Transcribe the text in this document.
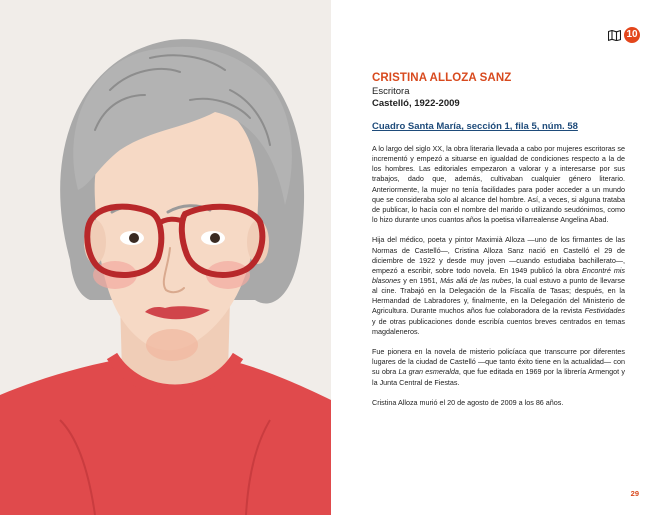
10
CRISTINA ALLOZA SANZ
Escritora
Castelló, 1922-2009
Cuadro Santa María, sección 1, fila 5, núm. 58

A lo largo del siglo XX, la obra literaria llevada a cabo por mujeres escritoras se incrementó y empezó a situarse en igualdad de condiciones respecto a la de los hombres. Las editoriales empezaron a valorar y a interesarse por sus trabajos, dado que, además, cultivaban cualquier género literario. Anteriormente, la mujer no tenía facilidades para poder acceder a un mundo que se consideraba solo al alcance del hombre. Así, a veces, si alguna trataba de publicar, lo hacía con el nombre del marido o utilizando seudónimos, como lo hizo durante unos cuantos años la poetisa villarrealense Angelina Abad.

Hija del médico, poeta y pintor Maximià Alloza —uno de los firmantes de las Normas de Castelló—, Cristina Alloza Sanz nació en Castelló el 29 de diciembre de 1922 y desde muy joven —cuando estudiaba bachillerato—, empezó a escribir, sobre todo novela. En 1949 publicó la obra Encontré mis blasones y en 1951, Más allá de las nubes, la cual estuvo a punto de llevarse al cine. Trabajó en la Delegación de la Fiscalía de Tasas; después, en la Hermandad de Labradores y, finalmente, en la Delegación del Ministerio de Agricultura. Durante muchos años fue colaboradora de la revista Festividades y de otras publicaciones donde escribía cuentos breves centrados en temas magdaleneros.

Fue pionera en la novela de misterio policíaca que transcurre por diferentes lugares de la ciudad de Castelló —que tanto éxito tiene en la actualidad— con su obra La gran esmeralda, que fue editada en 1969 por la librería Armengot y la Junta Central de Fiestas.

Cristina Alloza murió el 20 de agosto de 2009 a los 86 años.

29
